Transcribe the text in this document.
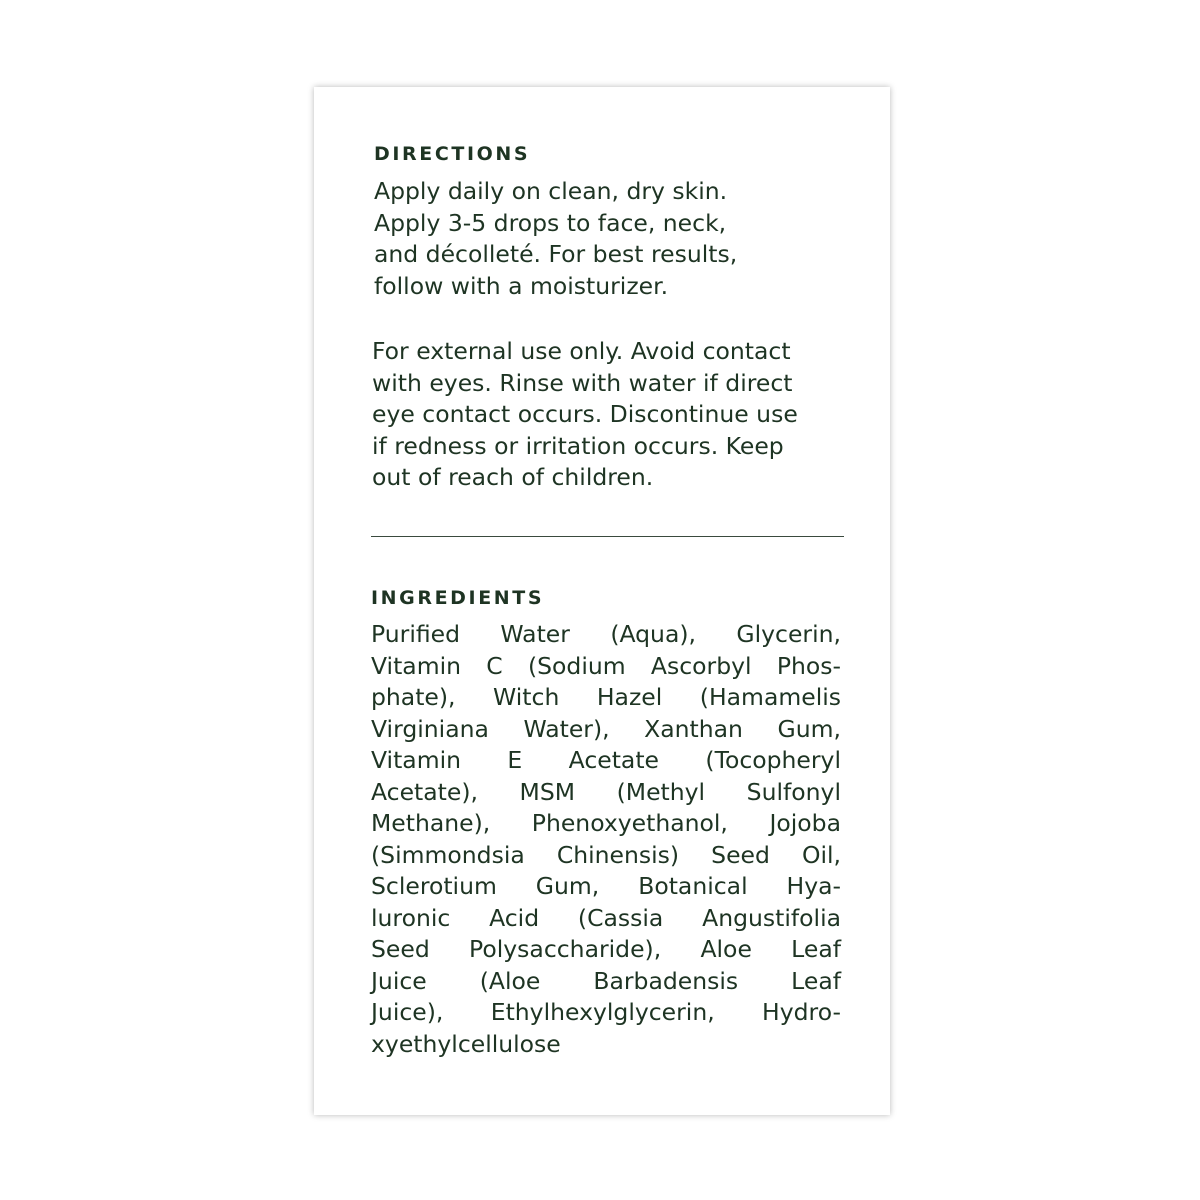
DIRECTIONS
Apply daily on clean, dry skin.
Apply 3-5 drops to face, neck,
and décolleté. For best results,
follow with a moisturizer.
For external use only. Avoid contact
with eyes. Rinse with water if direct
eye contact occurs. Discontinue use
if redness or irritation occurs. Keep
out of reach of children.
INGREDIENTS
Purified Water (Aqua), Glycerin,
Vitamin C (Sodium Ascorbyl Phos-
phate), Witch Hazel (Hamamelis
Virginiana Water), Xanthan Gum,
Vitamin E Acetate (Tocopheryl
Acetate), MSM (Methyl Sulfonyl
Methane), Phenoxyethanol, Jojoba
(Simmondsia Chinensis) Seed Oil,
Sclerotium Gum, Botanical Hya-
luronic Acid (Cassia Angustifolia
Seed Polysaccharide), Aloe Leaf
Juice (Aloe Barbadensis Leaf
Juice), Ethylhexylglycerin, Hydro-
xyethylcellulose
